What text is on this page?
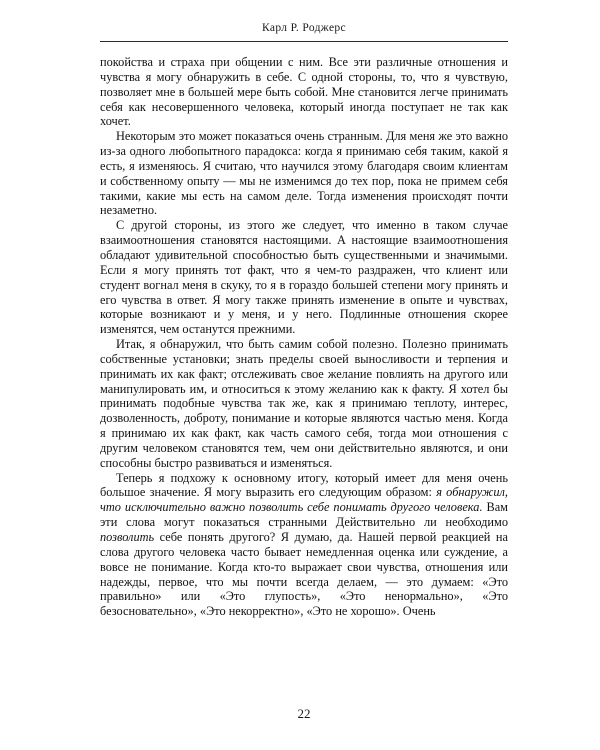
Карл Р. Роджерс

покойства и страха при общении с ним. Все эти различные отношения и чувства я могу обнаружить в себе. С одной стороны, то, что я чувствую, позволяет мне в большей мере быть собой. Мне становится легче принимать себя как несовершенного человека, который иногда поступает не так как хочет.

Некоторым это может показаться очень странным. Для меня же это важно из-за одного любопытного парадокса: когда я принимаю себя таким, какой я есть, я изменяюсь. Я считаю, что научился этому благодаря своим клиентам и собственному опыту — мы не изменимся до тех пор, пока не примем себя такими, какие мы есть на самом деле. Тогда изменения происходят почти незаметно.

С другой стороны, из этого же следует, что именно в таком случае взаимоотношения становятся настоящими. А настоящие взаимоотношения обладают удивительной способностью быть существенными и значимыми. Если я могу принять тот факт, что я чем-то раздражен, что клиент или студент вогнал меня в скуку, то я в гораздо большей степени могу принять и его чувства в ответ. Я могу также принять изменение в опыте и чувствах, которые возникают и у меня, и у него. Подлинные отношения скорее изменятся, чем останутся прежними.

Итак, я обнаружил, что быть самим собой полезно. Полезно принимать собственные установки; знать пределы своей выносливости и терпения и принимать их как факт; отслеживать свое желание повлиять на другого или манипулировать им, и относиться к этому желанию как к факту. Я хотел бы принимать подобные чувства так же, как я принимаю теплоту, интерес, дозволенность, доброту, понимание и которые являются частью меня. Когда я принимаю их как факт, как часть самого себя, тогда мои отношения с другим человеком становятся тем, чем они действительно являются, и они способны быстро развиваться и изменяться.

Теперь я подхожу к основному итогу, который имеет для меня очень большое значение. Я могу выразить его следующим образом: я обнаружил, что исключительно важно позволить себе понимать другого человека. Вам эти слова могут показаться странными Действительно ли необходимо позволить себе понять другого? Я думаю, да. Нашей первой реакцией на слова другого человека часто бывает немедленная оценка или суждение, а вовсе не понимание. Когда кто-то выражает свои чувства, отношения или надежды, первое, что мы почти всегда делаем, — это думаем: «Это правильно» или «Это глупость», «Это ненормально», «Это безосновательно», «Это некорректно», «Это не хорошо». Очень

22
